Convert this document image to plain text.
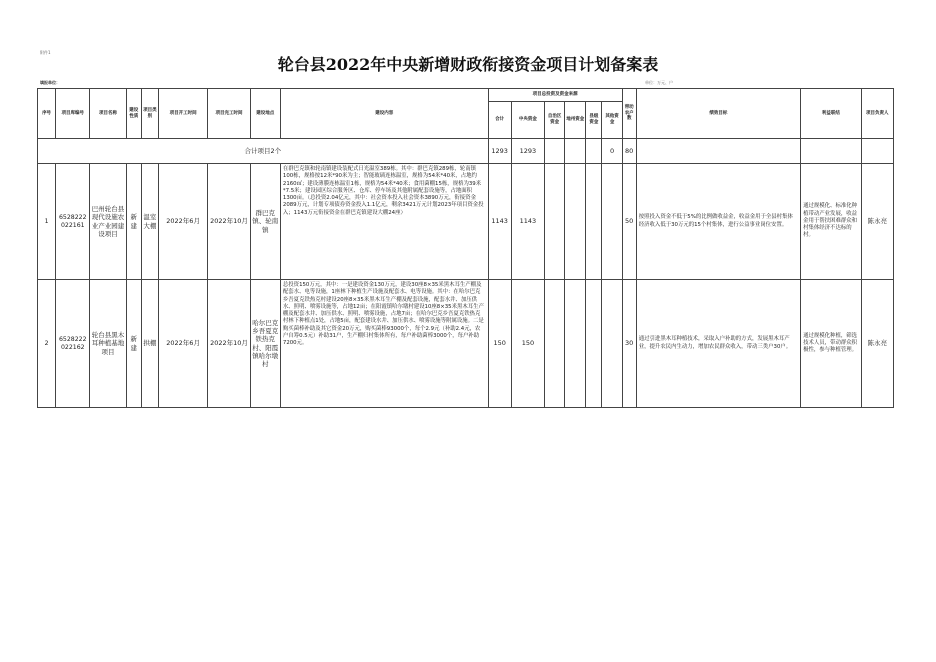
附件1
轮台县2022年中央新增财政衔接资金项目计划备案表
填报单位：	单位：万元、户
序号	项目库编号	项目名称	建设性质	项目类别	项目开工时间	项目完工时间	建设地点	建设内容	项目总投资及资金来源						带动农户数	绩效目标	利益联结	项目负责人
									合计	中央资金	自治区资金	地州资金	县级资金	其他资金				
合计项目2个									1293	1293				0	80			
1	6528222022161	巴州轮台县现代设施农业产业园建设项目	新建	温室大棚	2022年6月	2022年10月	群巴克镇、轮南镇	在群巴克镇和轮南镇建设装配式日光温室389栋。其中：群巴克镇289栋，轮南镇100栋，规格按12米*90米为主；智能玻璃连栋温室，规格为54米*40米，占地约2160㎡；建设薄膜连栋温室1栋，规格为54米*40米；食用菌棚15栋，规格为39米*7.5米；建设园区综合服务区、仓库、停车场及其他附属配套设施等，占地面积1300亩。（总投资2.04亿元，其中：社会资本投入社会资本3890万元，衔接资金2089万元，计划专项债券资金投入1.1亿元，剩余3421万元计划2023年项目资金投入；1143万元衔接资金在群巴克镇建设大棚24座）	1143	1143					50	按照投入资金不低于5%的比例做收益金，收益金用于全县村集体经济收入低于30万元的15个村集体，进行公益事业岗位安置。	通过规模化、标准化种植带动产业发展，收益金用于帮扶困难群众和村集体经济不达标的村。	陈永亮
2	6528222022162	轮台县黑木耳种植基地项目	新建	拱棚	2022年6月	2022年10月	哈尔巴克乡吾夏克铁热克村、阳霞镇哈尔墩村	总投资150万元，其中：一是建设资金130万元，建设30座8×35米黑木耳生产棚及配套水、电等设施，1座林下种植生产设施及配套水、电等设施。其中：在哈尔巴克乡吾夏克铁热克村建设20座8×35米黑木耳生产棚及配套设施，配套水井、加压供水、照明、喷雾设施等，占地12亩；在阳霞镇哈尔墩村建设10座8×35米黑木耳生产棚及配套水井、加压供水、照明、喷雾设施，占地7亩；在哈尔巴克乡吾夏克铁热克村林下种植点1处，占地5亩，配套建设水井、加压供水、喷雾设施等附属设施。二是购买菌棒补助及其它资金20万元，购买菌棒93000个，每个2.9元（补助2.4元，农户自筹0.5元）补助31户，生产棚归村集体所有，每户补助菌棒3000个，每户补助7200元。	150	150					30	通过引进黑木耳种植技术，采取入户补助的方式，发展黑木耳产业，提升农民内生动力，增加农民群众收入，带动三类户30户。	通过规模化种植，筛选技术人员，带动群众积极性，参与种植管理。	陈永亮
